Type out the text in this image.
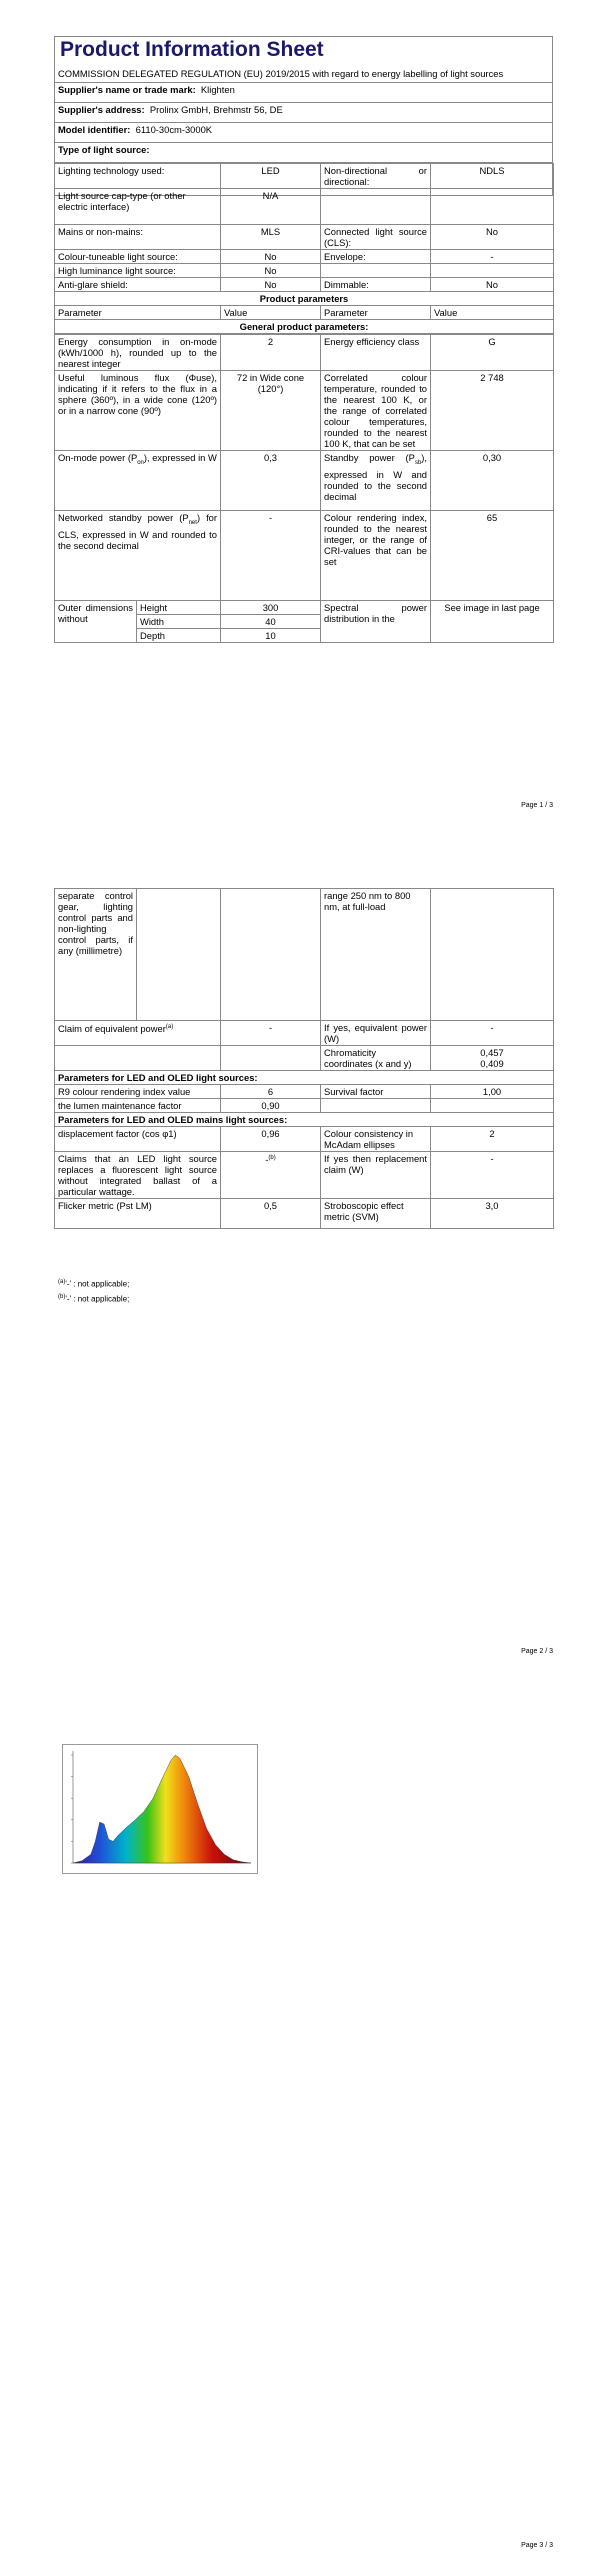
Product Information Sheet
COMMISSION DELEGATED REGULATION (EU) 2019/2015 with regard to energy labelling of light sources
Supplier's name or trade mark: Klighten
Supplier's address: Prolinx GmbH, Brehmstr 56, DE
Model identifier: 6110-30cm-3000K
Type of light source:
Lighting technology used:	LED	Non-directional or directional:	NDLS
Light source cap-type (or other electric interface)	N/A		
Mains or non-mains:	MLS	Connected light source (CLS):	No
Colour-tuneable light source:	No	Envelope:	-
High luminance light source:	No		
Anti-glare shield:	No	Dimmable:	No
Product parameters			
Parameter	Value	Parameter	Value
General product parameters:			
Energy consumption in on-mode (kWh/1000 h), rounded up to the nearest integer		2	Energy efficiency class	G
Useful luminous flux (Φuse), indicating if it refers to the flux in a sphere (360º), in a wide cone (120º) or in a narrow cone (90º)		72 in Wide cone (120°)	Correlated colour temperature, rounded to the nearest 100 K, or the range of correlated colour temperatures, rounded to the nearest 100 K, that can be set	2 748
On-mode power $(P_{on})$, expressed in W		0,3	Standby power $(P_{sb})$, expressed in W and rounded to the second decimal	0,30
Networked standby power $(P_{net})$ for CLS, expressed in W and rounded to the second decimal		-	Colour rendering index, rounded to the nearest integer, or the range of CRI-values that can be set	65
Outer dimensions without	Height	300	Spectral power distribution in the	See image in last page
	Width	40		
	Depth	10		
Page 1 / 3
separate control gear, lighting control parts and non-lighting control parts, if any (millimetre)			range 250 nm to 800 nm, at full-load	
Claim of equivalent power$^{(a)}$		-	If yes, equivalent power (W)	-
			Chromaticity coordinates (x and y)	0,457
0,409

Parameters for LED and OLED light sources:				
R9 colour rendering index value		6	Survival factor	1,00
the lumen maintenance factor		0,90		
Parameters for LED and OLED mains light sources:				
displacement factor (cos φ1)		0,96	Colour consistency in McAdam ellipses	2
Claims that an LED light source replaces a fluorescent light source without integrated ballast of a particular wattage.		-$^{(b)}$	If yes then replacement claim (W)	-
Flicker metric (Pst LM)		0,5	Stroboscopic effect metric (SVM)	3,0
$^{(a)}$'-' : not applicable;
$^{(b)}$'-' : not applicable;
Page 2 / 3
Page 3 / 3
